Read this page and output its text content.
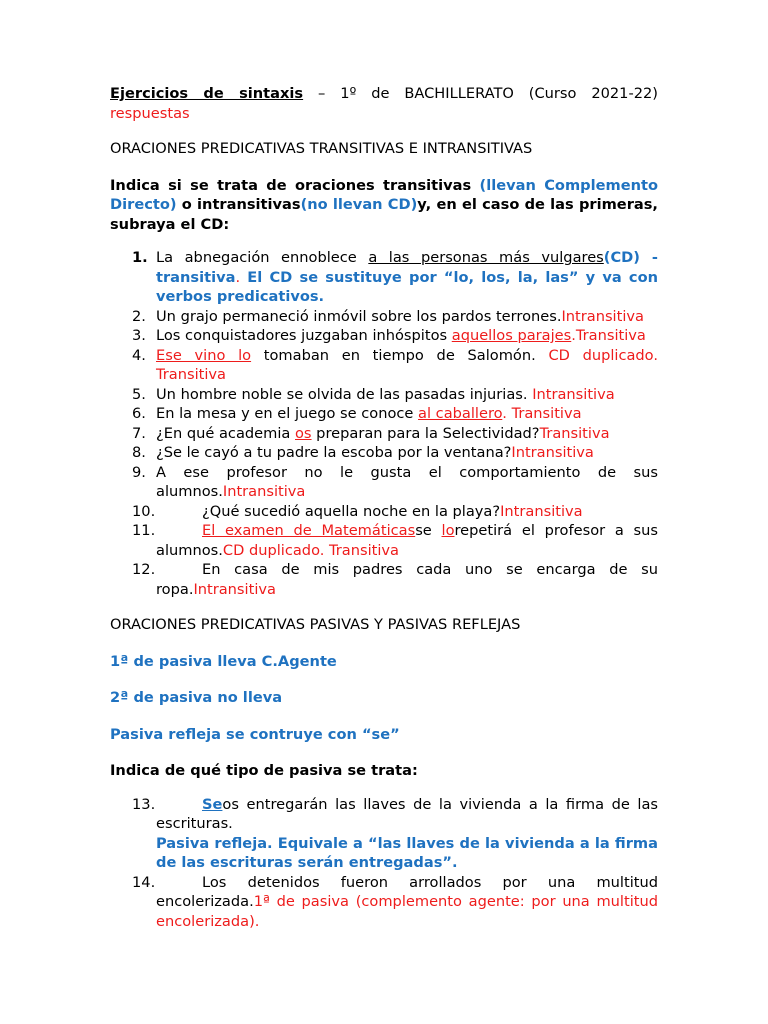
Ejercicios de sintaxis – 1º de BACHILLERATO (Curso 2021-22) respuestas

ORACIONES PREDICATIVAS TRANSITIVAS E INTRANSITIVAS

Indica si se trata de oraciones transitivas (llevan Complemento Directo) o intransitivas(no llevan CD)y, en el caso de las primeras, subraya el CD:

1. La abnegación ennoblece a las personas más vulgares(CD) - transitiva. El CD se sustituye por “lo, los, la, las” y va con verbos predicativos.
2. Un grajo permaneció inmóvil sobre los pardos terrones.Intransitiva
3. Los conquistadores juzgaban inhóspitos aquellos parajes.Transitiva
4. Ese vino lo tomaban en tiempo de Salomón. CD duplicado. Transitiva
5. Un hombre noble se olvida de las pasadas injurias. Intransitiva
6. En la mesa y en el juego se conoce al caballero. Transitiva
7. ¿En qué academia os preparan para la Selectividad?Transitiva
8. ¿Se le cayó a tu padre la escoba por la ventana?Intransitiva
9. A ese profesor no le gusta el comportamiento de sus alumnos.Intransitiva
10.	¿Qué sucedió aquella noche en la playa?Intransitiva
11.	El examen de Matemáticasse lorepetirá el profesor a sus alumnos.CD duplicado. Transitiva
12.	En casa de mis padres cada uno se encarga de su ropa.Intransitiva

ORACIONES PREDICATIVAS PASIVAS Y PASIVAS REFLEJAS

1ª de pasiva lleva C.Agente

2ª de pasiva no lleva

Pasiva refleja se contruye con “se”

Indica de qué tipo de pasiva se trata:

13.	Seos entregarán las llaves de la vivienda a la firma de las escrituras.
Pasiva refleja. Equivale a “las llaves de la vivienda a la firma de las escrituras serán entregadas”.
14.	Los detenidos fueron arrollados por una multitud encolerizada.1ª de pasiva (complemento agente: por una multitud encolerizada).
